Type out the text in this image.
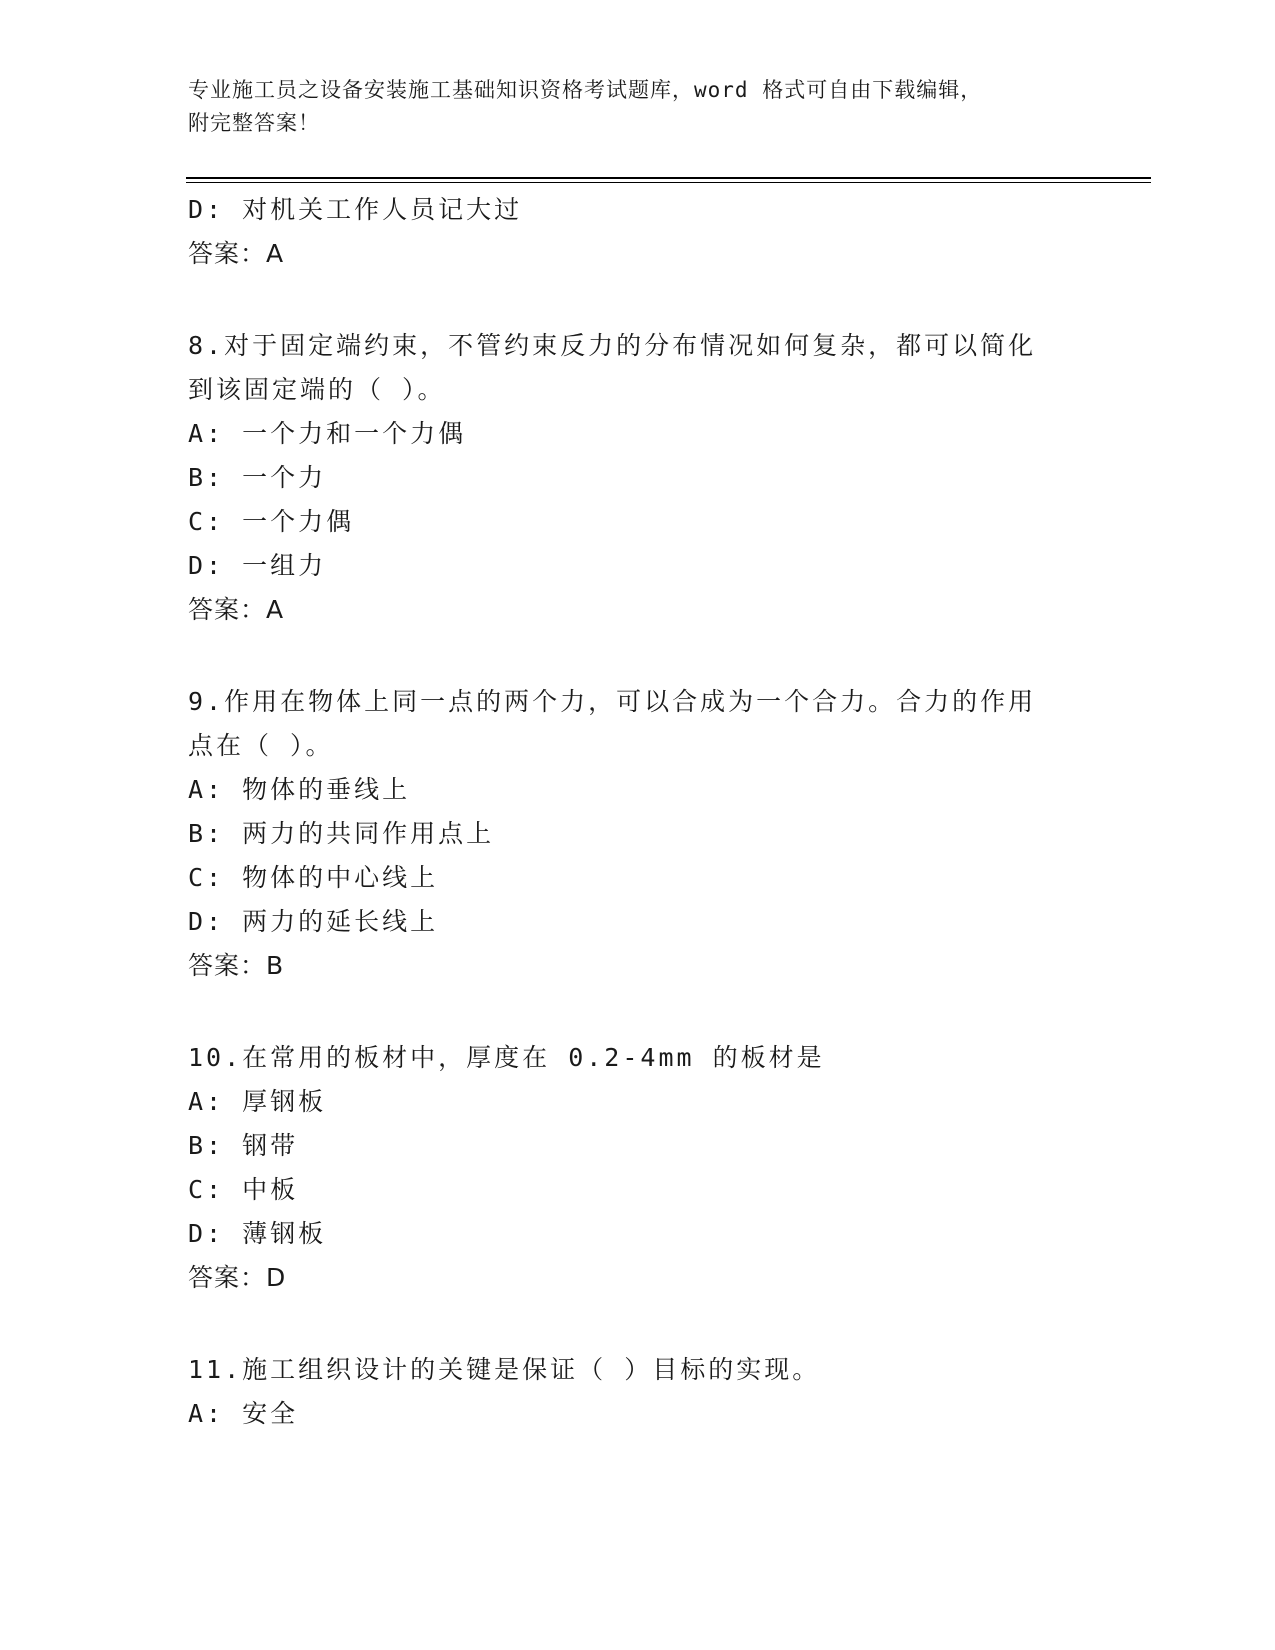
专业施工员之设备安装施工基础知识资格考试题库，word 格式可自由下载编辑，
附完整答案！
D: 对机关工作人员记大过
答案：A
8.对于固定端约束，不管约束反力的分布情况如何复杂，都可以简化
到该固定端的（ ）。
A: 一个力和一个力偶
B: 一个力
C: 一个力偶
D: 一组力
答案：A
9.作用在物体上同一点的两个力，可以合成为一个合力。合力的作用
点在（ ）。
A: 物体的垂线上
B: 两力的共同作用点上
C: 物体的中心线上
D: 两力的延长线上
答案：B
10.在常用的板材中，厚度在 0.2-4mm 的板材是
A: 厚钢板
B: 钢带
C: 中板
D: 薄钢板
答案：D
11.施工组织设计的关键是保证（ ）目标的实现。
A: 安全
